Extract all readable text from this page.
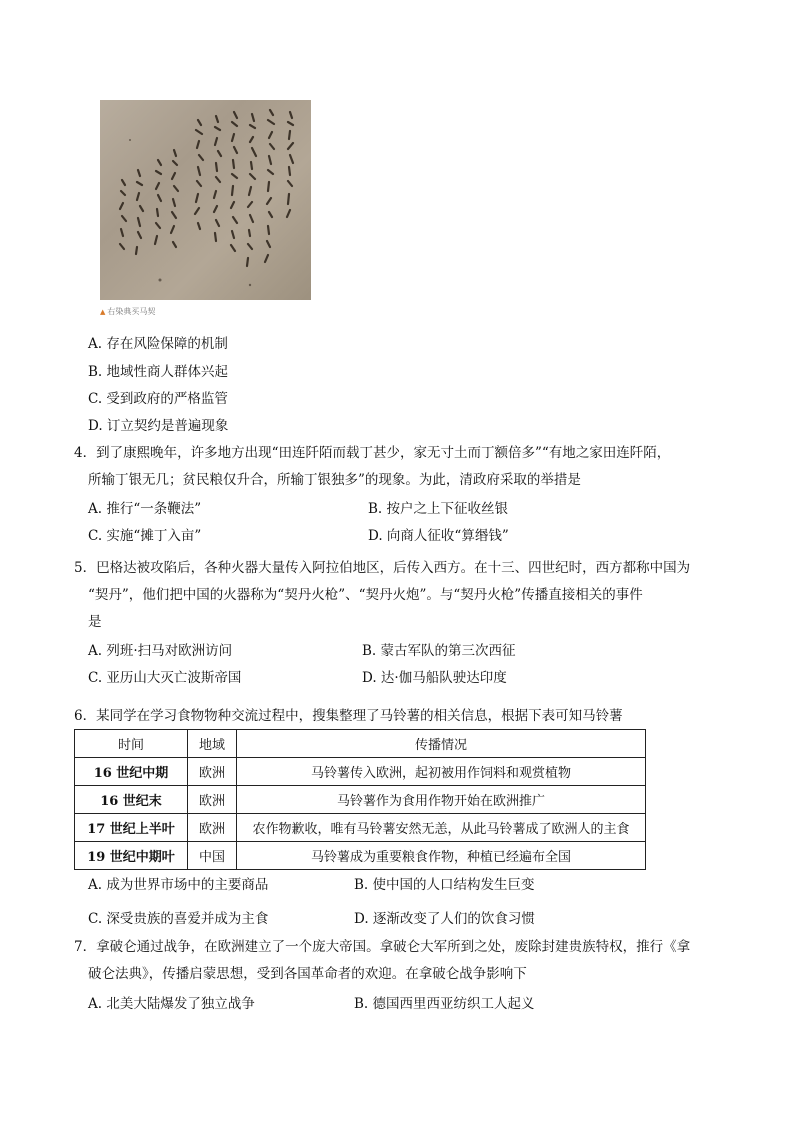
▲ 右染典买马契
A. 存在风险保障的机制
B. 地域性商人群体兴起
C. 受到政府的严格监管
D. 订立契约是普遍现象
4．到了康熙晚年，许多地方出现“田连阡陌而载丁甚少，家无寸土而丁额倍多”“有地之家田连阡陌，
所输丁银无几；贫民粮仅升合，所输丁银独多”的现象。为此，清政府采取的举措是
A. 推行“一条鞭法”	B. 按户之上下征收丝银
C. 实施“摊丁入亩”	D. 向商人征收“算缗钱”
5．巴格达被攻陷后，各种火器大量传入阿拉伯地区，后传入西方。在十三、四世纪时，西方都称中国为
“契丹”，他们把中国的火器称为“契丹火枪”、“契丹火炮”。与“契丹火枪”传播直接相关的事件
是
A. 列班·扫马对欧洲访问	B. 蒙古军队的第三次西征
C. 亚历山大灭亡波斯帝国	D. 达·伽马船队驶达印度
6．某同学在学习食物物种交流过程中，搜集整理了马铃薯的相关信息，根据下表可知马铃薯
时间	地域	传播情况
16 世纪中期	欧洲	马铃薯传入欧洲，起初被用作饲料和观赏植物
16 世纪末	欧洲	马铃薯作为食用作物开始在欧洲推广
17 世纪上半叶	欧洲	农作物歉收，唯有马铃薯安然无恙，从此马铃薯成了欧洲人的主食
19 世纪中期叶	中国	马铃薯成为重要粮食作物，种植已经遍布全国
A. 成为世界市场中的主要商品	B. 使中国的人口结构发生巨变
C. 深受贵族的喜爱并成为主食	D. 逐渐改变了人们的饮食习惯
7．拿破仑通过战争，在欧洲建立了一个庞大帝国。拿破仑大军所到之处，废除封建贵族特权，推行《拿
破仑法典》，传播启蒙思想，受到各国革命者的欢迎。在拿破仑战争影响下
A. 北美大陆爆发了独立战争	B. 德国西里西亚纺织工人起义
